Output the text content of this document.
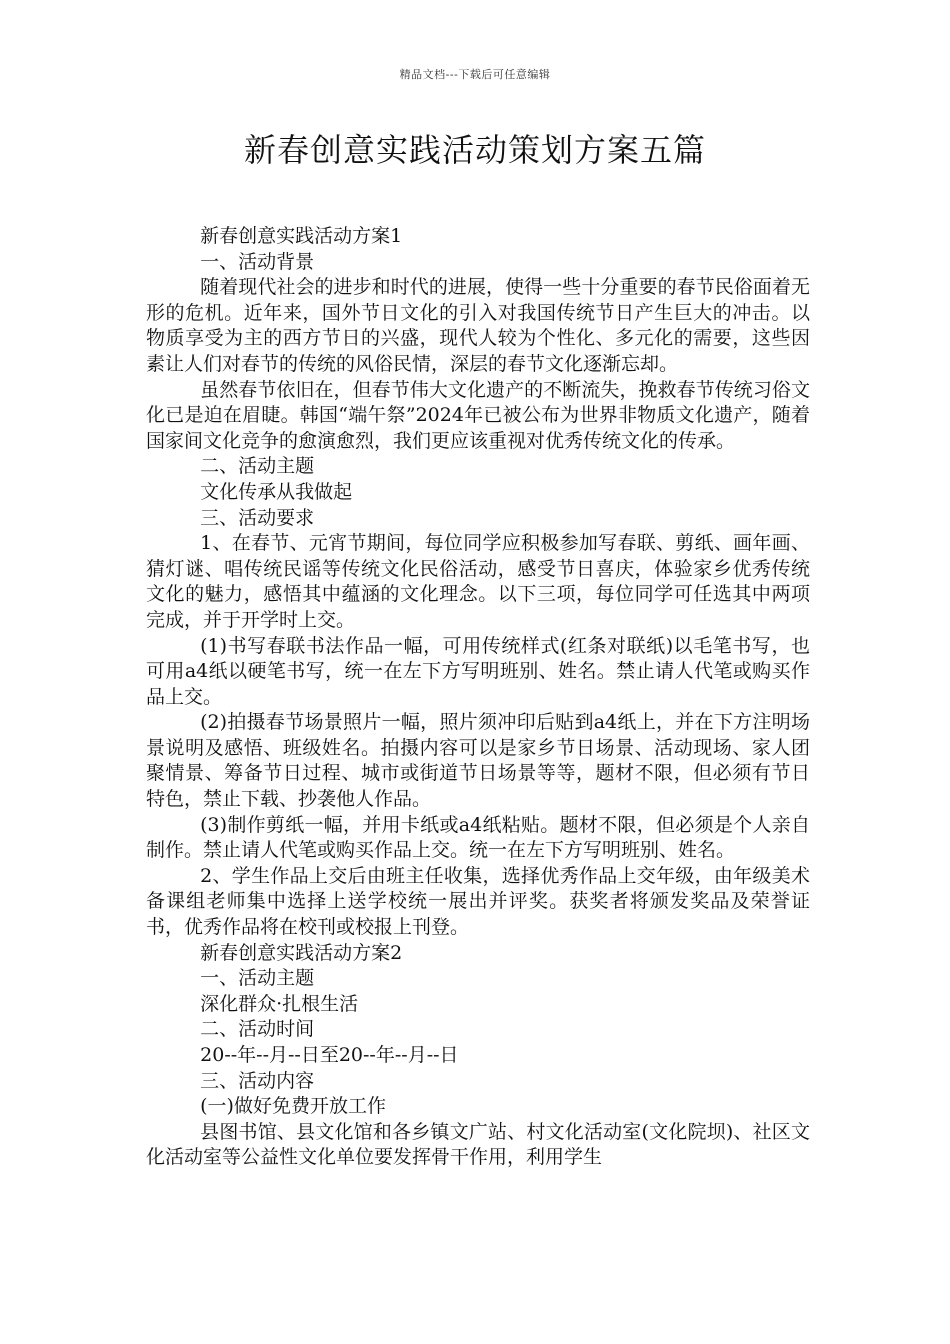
精品文档---下载后可任意编辑
新春创意实践活动策划方案五篇

新春创意实践活动方案1

一、活动背景

随着现代社会的进步和时代的进展，使得一些十分重要的春节民俗面着无形的危机。近年来，国外节日文化的引入对我国传统节日产生巨大的冲击。以物质享受为主的西方节日的兴盛，现代人较为个性化、多元化的需要，这些因素让人们对春节的传统的风俗民情，深层的春节文化逐渐忘却。

虽然春节依旧在，但春节伟大文化遗产的不断流失，挽救春节传统习俗文化已是迫在眉睫。韩国“端午祭”2024年已被公布为世界非物质文化遗产，随着国家间文化竞争的愈演愈烈，我们更应该重视对优秀传统文化的传承。

二、活动主题

文化传承从我做起

三、活动要求

1、在春节、元宵节期间，每位同学应积极参加写春联、剪纸、画年画、猜灯谜、唱传统民谣等传统文化民俗活动，感受节日喜庆，体验家乡优秀传统文化的魅力，感悟其中蕴涵的文化理念。以下三项，每位同学可任选其中两项完成，并于开学时上交。

(1)书写春联书法作品一幅，可用传统样式(红条对联纸)以毛笔书写，也可用a4纸以硬笔书写，统一在左下方写明班别、姓名。禁止请人代笔或购买作品上交。

(2)拍摄春节场景照片一幅，照片须冲印后贴到a4纸上，并在下方注明场景说明及感悟、班级姓名。拍摄内容可以是家乡节日场景、活动现场、家人团聚情景、筹备节日过程、城市或街道节日场景等等，题材不限，但必须有节日特色，禁止下载、抄袭他人作品。

(3)制作剪纸一幅，并用卡纸或a4纸粘贴。题材不限，但必须是个人亲自制作。禁止请人代笔或购买作品上交。统一在左下方写明班别、姓名。

2、学生作品上交后由班主任收集，选择优秀作品上交年级，由年级美术备课组老师集中选择上送学校统一展出并评奖。获奖者将颁发奖品及荣誉证书，优秀作品将在校刊或校报上刊登。

新春创意实践活动方案2

一、活动主题

深化群众·扎根生活

二、活动时间

20--年--月--日至20--年--月--日

三、活动内容

(一)做好免费开放工作

县图书馆、县文化馆和各乡镇文广站、村文化活动室(文化院坝)、社区文化活动室等公益性文化单位要发挥骨干作用，利用学生
